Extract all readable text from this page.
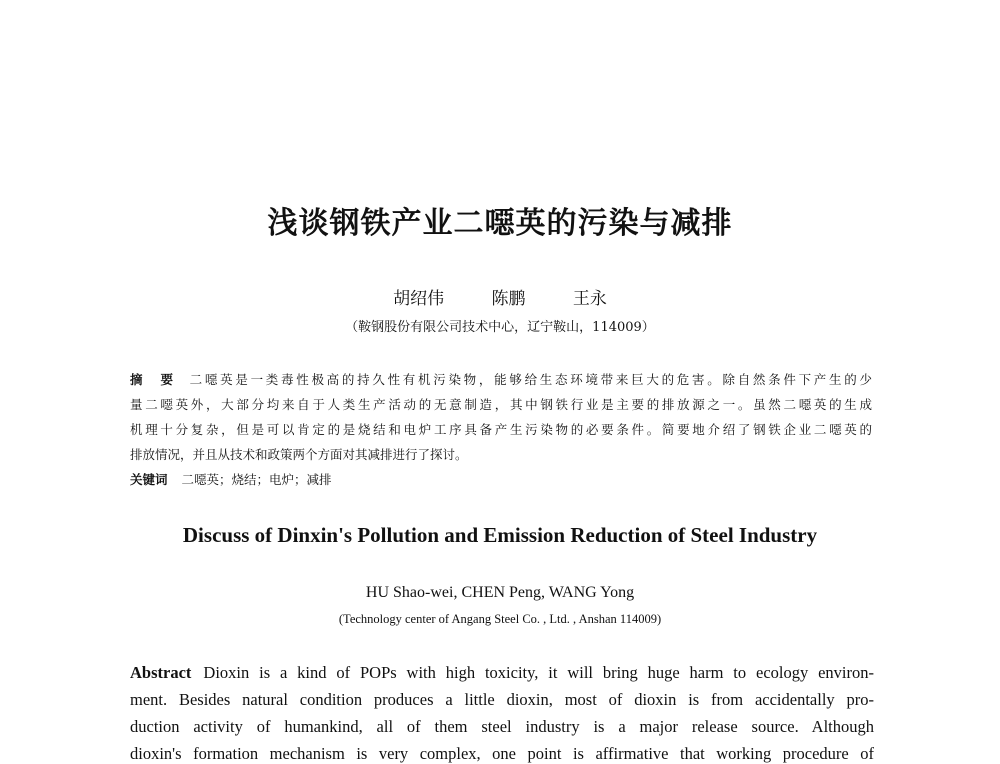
浅谈钢铁产业二噁英的污染与减排
胡绍伟	陈鹏	王永
（鞍钢股份有限公司技术中心，辽宁鞍山，114009）
摘　要 二噁英是一类毒性极高的持久性有机污染物，能够给生态环境带来巨大的危害。除自然条件下产生的少
量二噁英外，大部分均来自于人类生产活动的无意制造，其中钢铁行业是主要的排放源之一。虽然二噁英的生成
机理十分复杂，但是可以肯定的是烧结和电炉工序具备产生污染物的必要条件。简要地介绍了钢铁企业二噁英的
排放情况，并且从技术和政策两个方面对其减排进行了探讨。
关键词 二噁英；烧结；电炉；减排
Discuss of Dinxin's Pollution and Emission Reduction of Steel Industry
HU Shao-wei, CHEN Peng, WANG Yong
(Technology center of Angang Steel Co. , Ltd. , Anshan 114009)
Abstract Dioxin is a kind of POPs with high toxicity, it will bring huge harm to ecology environ-
ment. Besides natural condition produces a little dioxin, most of dioxin is from accidentally pro-
duction activity of humankind, all of them steel industry is a major release source. Although
dioxin's formation mechanism is very complex, one point is affirmative that working procedure of
